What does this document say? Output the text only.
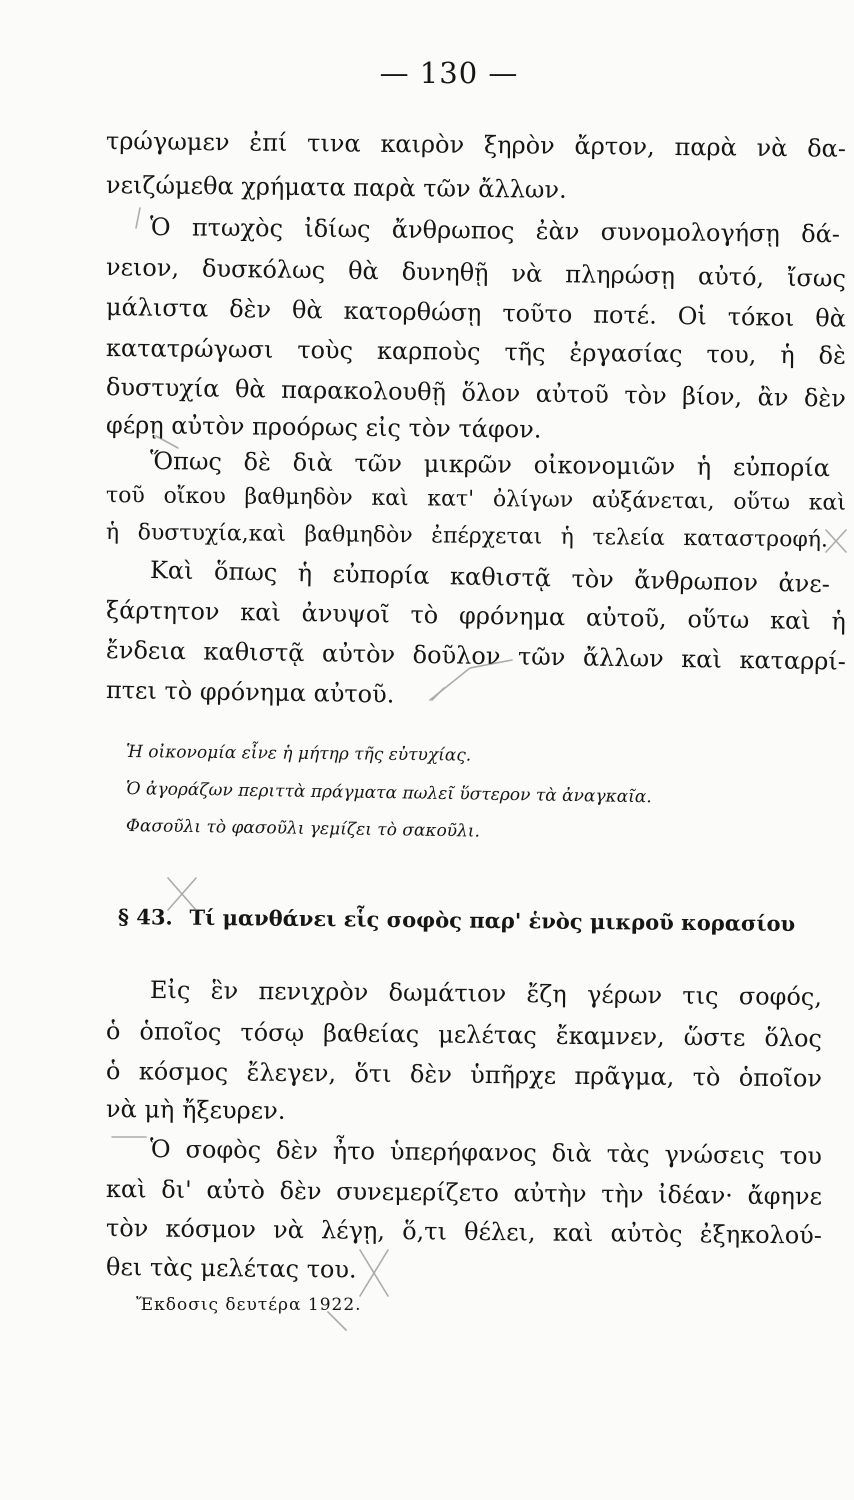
— 130 —
τρώγωμεν ἐπί τινα καιρὸν ξηρὸν ἄρτον, παρὰ νὰ δα-
νειζώμεθα χρήματα παρὰ τῶν ἄλλων.
Ὁ πτωχὸς ἰδίως ἄνθρωπος ἐὰν συνομολογήσῃ δά-
νειον, δυσκόλως θὰ δυνηθῇ νὰ πληρώσῃ αὐτό, ἴσως
μάλιστα δὲν θὰ κατορθώσῃ τοῦτο ποτέ. Οἱ τόκοι θὰ
κατατρώγωσι τοὺς καρποὺς τῆς ἐργασίας του, ἡ δὲ
δυστυχία θὰ παρακολουθῇ ὅλον αὐτοῦ τὸν βίον, ἂν δὲν
φέρῃ αὐτὸν προόρως εἰς τὸν τάφον.
Ὅπως δὲ διὰ τῶν μικρῶν οἰκονομιῶν ἡ εὐπορία
τοῦ οἴκου βαθμηδὸν καὶ κατ' ὀλίγων αὐξάνεται, οὕτω καὶ
ἡ δυστυχία,καὶ βαθμηδὸν ἐπέρχεται ἡ τελεία καταστροφή.
Καὶ ὅπως ἡ εὐπορία καθιστᾷ τὸν ἄνθρωπον ἀνε-
ξάρτητον καὶ ἀνυψοῖ τὸ φρόνημα αὐτοῦ, οὕτω καὶ ἡ
ἔνδεια καθιστᾷ αὐτὸν δοῦλον τῶν ἄλλων καὶ καταρρί-
πτει τὸ φρόνημα αὐτοῦ.
Ἡ οἰκονομία εἶνε ἡ μήτηρ τῆς εὐτυχίας.
Ὁ ἀγοράζων περιττὰ πράγματα πωλεῖ ὕστερον τὰ ἀναγκαῖα.
Φασοῦλι τὸ φασοῦλι γεμίζει τὸ σακοῦλι.
§ 43. Τί μανθάνει εἷς σοφὸς παρ' ἑνὸς μικροῦ κορασίου
Εἰς ἓν πενιχρὸν δωμάτιον ἔζη γέρων τις σοφός,
ὁ ὁποῖος τόσῳ βαθείας μελέτας ἔκαμνεν, ὥστε ὅλος
ὁ κόσμος ἔλεγεν, ὅτι δὲν ὑπῆρχε πρᾶγμα, τὸ ὁποῖον
νὰ μὴ ἤξευρεν.
Ὁ σοφὸς δὲν ἦτο ὑπερήφανος διὰ τὰς γνώσεις του
καὶ δι' αὐτὸ δὲν συνεμερίζετο αὐτὴν τὴν ἰδέαν· ἄφηνε
τὸν κόσμον νὰ λέγῃ, ὅ,τι θέλει, καὶ αὐτὸς ἐξηκολού-
θει τὰς μελέτας του.
Ἔκδοσις δευτέρα 1922.
